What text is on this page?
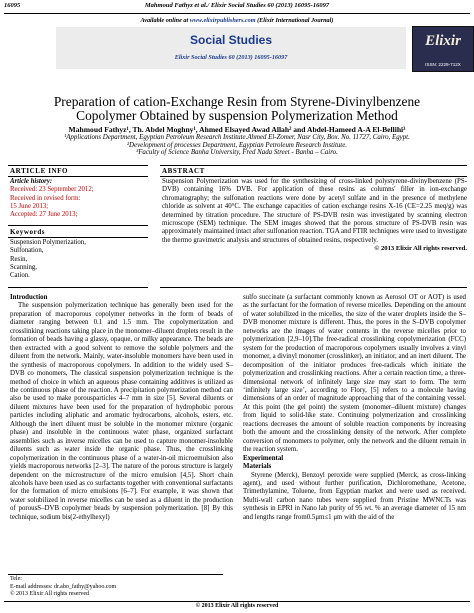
16095	Mahmoud Fathyz et al./ Elixir Social Studies 60 (2013) 16095-16097
Available online at www.elixirpublishers.com (Elixir International Journal)
Social Studies
Elixir Social Studies 60 (2013) 16095-16097
Elixir
ISSN: 2229-712X
Preparation of cation-Exchange Resin from Styrene-Divinylbenzene
Copolymer Obtained by suspension Polymerization Method
Mahmoud Fathyz¹, Th. Abdel Moghny¹, Ahmed Elsayed Awad Allah² and Abdel-Hameed A-A El-Bellihi³
¹Applications Department, Egyptian Petroleum Research Institute.Ahmed El-Zomer, Nasr City, Box. No. 11727, Cairo, Egypt.
²Development of processes Department, Egyptian Petroleum Research Institute.
³Faculty of Science Banha University, Fred Nada Street - Banha – Cairo.
ARTICLE INFO	ABSTRACT
Article history:
Received: 23 September 2012;
Received in revised form:
15 June 2013;
Accepted: 27 June 2013;
Keywords
Suspension Polymerization,
Sulfonation,
Resin,
Scanning,
Cation.
Suspension Polymerization was used for the synthesizing of cross-linked polystyrene-divinylbenzene (PS-DVB) containing 16% DVB. For application of these resins as columns' filler in ion-exchange chromatography; the sulfonation reactions were done by acetyl sulfate and in the presence of methylene chloride as solvent at 40°C. The exchange capacities of cation exchange resins X-16 (CE=2.25 meq/g) was determined by titration procedure. The structure of PS-DVB resin was investigated by scanning electron microscope (SEM) technique. The SEM images showed that the porous structure of PS-DVB resin was approximately maintained intact after sulfonation reaction. TGA and FTIR techniques were used to investigate the thermo gravimetric analysis and structures of obtained resins, respectively.
© 2013 Elixir All rights reserved.

Introduction

The suspension polymerization technique has generally been used for the preparation of macroporous copolymer networks in the form of beads of diameter ranging between 0.1 and 1.5 mm. The copolymerization and crosslinking reactions taking place in the monomer–diluent droplets result in the formation of beads having a glassy, opaque, or milky appearance. The beads are then extracted with a good solvent to remove the soluble polymers and the diluent from the network. Mainly, water-insoluble monomers have been used in the synthesis of macroporous copolymers. In addition to the widely used S–DVB co monomers, The classical suspension polymerization technique is the method of choice in which an aqueous phase containing additives is utilized as the continuous phase of the reaction. A precipitation polymerization method can also be used to make porousparticles 4–7 mm in size [5]. Several diluents or diluent mixtures have been used for the preparation of hydrophobic porous particles including aliphatic and aromatic hydrocarbons, alcohols, esters, etc. Although the inert diluent must be soluble in the monomer mixture (organic phase) and insoluble in the continuous water phase, organized surfactant assemblies such as inverse micelles can be used to capture monomer-insoluble diluents such as water inside the organic phase. Thus, the crosslinking copolymerization in the continuous phase of a water-in-oil microemulsion also yields macroporous networks [2–3]. The nature of the porous structure is largely dependent on the microstructure of the micro emulsion [4,5]. Short chain alcohols have been used as co surfactants together with conventional surfactants for the formation of micro emulsions [6–7]. For example, it was shown that water solubilized in reverse micelles can be used as a diluent in the production of porousS–DVB copolymer beads by suspension polymerization. [8] By this technique, sodium bis(2-ethylhexyl)

sulfo succinate (a surfactant commonly known as Aerosol OT or AOT) is used as the surfactant for the formation of reverse micelles. Depending on the amount of water solubilized in the micelles, the size of the water droplets inside the S–DVB monomer mixture is different. Thus, the pores in the S–DVB copolymer networks are the images of water contents in the reverse micelles prior to polymerization [2,9–10].The free-radical crosslinking copolymerization (FCC) system for the production of macroporous copolymers usually involves a vinyl monomer, a divinyl monomer (crosslinker), an initiator, and an inert diluent. The decomposition of the initiator produces free-radicals which initiate the polymerization and crosslinking reactions. After a certain reaction time, a three-dimensional network of infinitely large size may start to form. The term ‘infinitely large size’, according to Flory, [5] refers to a molecule having dimensions of an order of magnitude approaching that of the containing vessel. At this point (the gel point) the system (monomer–diluent mixture) changes from liquid to solid-like state. Continuing polymerization and crosslinking reactions decreases the amount of soluble reaction components by increasing both the amount and the crosslinking density of the network. After complete conversion of monomers to polymer, only the network and the diluent remain in the reaction system.

Experimental

Materials

Styrene (Merck), Benzoyl peroxide were supplied (Merck, as cross-linking agent), and used without further purification, Dichloromethane, Acetone, Trimethylamine, Toluene, from Egyptian market and were used as received. Multi-wall carbon nano tubes were supplied from Pristine MWNCTs was synthesis in EPRI in Nano lab purity of 95 wt. % an average diameter of 15 nm and lengths range from0.5μm≤1 μm with the aid of the

Tele:
E-mail addresses: dr.abo_fathy@yahoo.com
© 2013 Elixir All rights reserved
© 2013 Elixir All rights reserved
